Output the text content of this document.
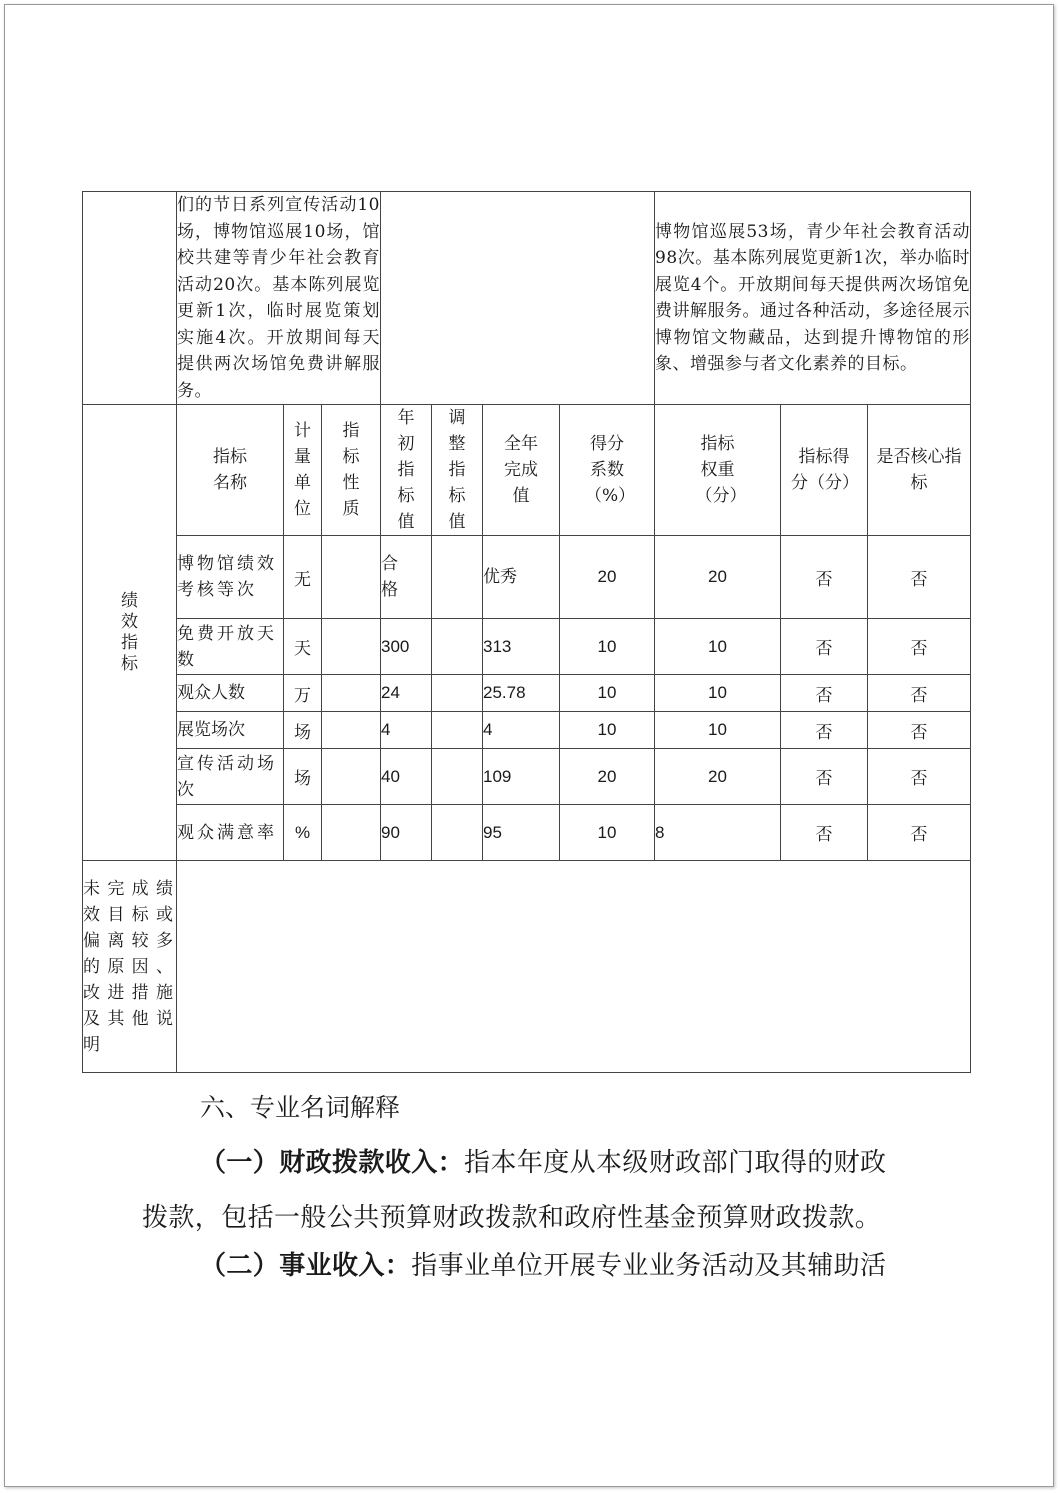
	们的节日系列宣传活动10场，博物馆巡展10场，馆校共建等青少年社会教育活动20次。基本陈列展览更新1次，临时展览策划实施4次。开放期间每天提供两次场馆免费讲解服务。							博物馆巡展53场，青少年社会教育活动98次。基本陈列展览更新1次，举办临时展览4个。开放期间每天提供两次场馆免费讲解服务。通过各种活动，多途径展示博物馆文物藏品，达到提升博物馆的形象、增强参与者文化素养的目标。		

绩效指标	指标名称	计量单位	指标性质	年初指标值	调整指标值	全年完成值	得分系数（%）	指标权重（分）	指标得分（分）	是否核心指标

	博物馆绩效考核等次	无		合格		优秀	20	20	否	否
	免费开放天数	天		300		313	10	10	否	否
	观众人数	万		24		25.78	10	10	否	否
	展览场次	场		4		4	10	10	否	否
	宣传活动场次	场		40		109	20	20	否	否
	观众满意率	%		90		95	10	8	否	否

未完成绩效目标或偏离较多的原因、改进措施及其他说明										

六、专业名词解释
（一）财政拨款收入：指本年度从本级财政部门取得的财政
拨款，包括一般公共预算财政拨款和政府性基金预算财政拨款。
（二）事业收入：指事业单位开展专业业务活动及其辅助活
